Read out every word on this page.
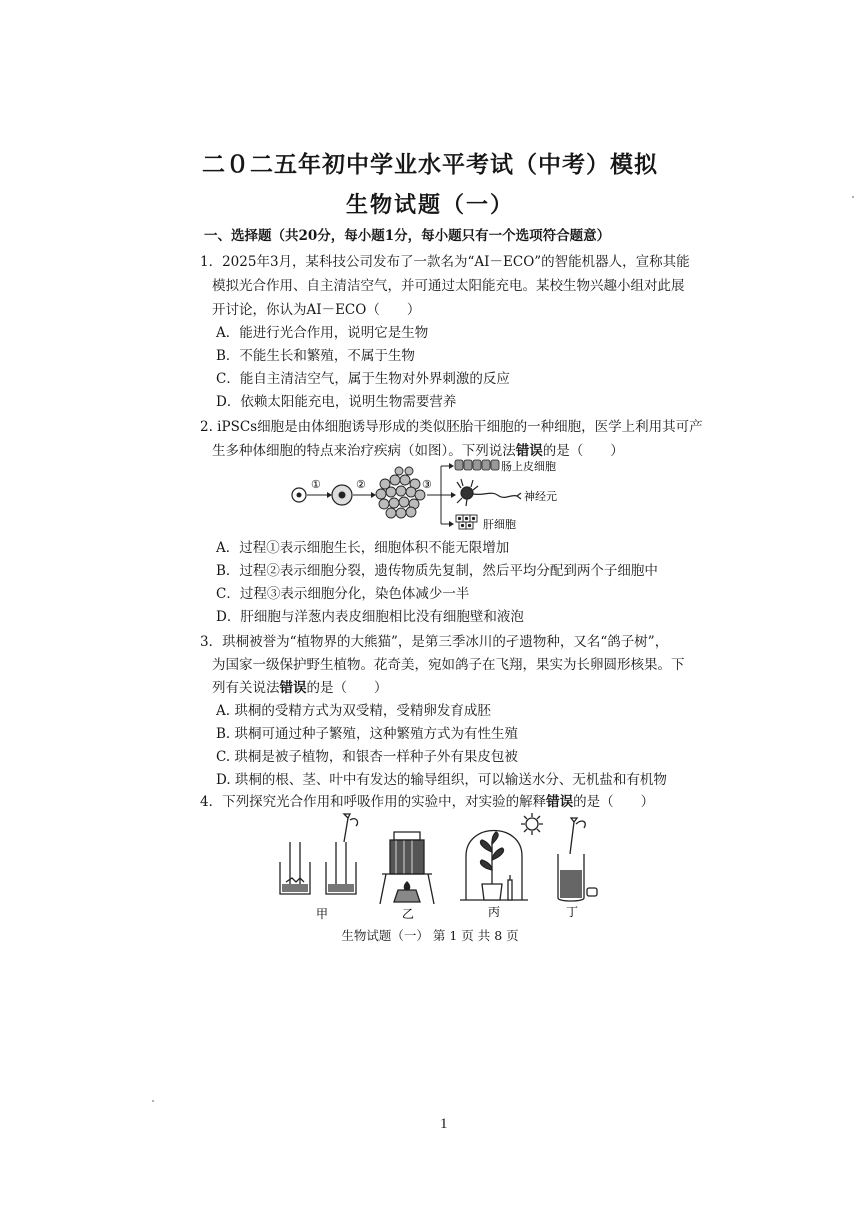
二０二五年初中学业水平考试（中考）模拟
生物试题（一）
一、选择题（共20分，每小题1分，每小题只有一个选项符合题意）
1．2025年3月，某科技公司发布了一款名为“AI－ECO”的智能机器人，宣称其能
模拟光合作用、自主清洁空气，并可通过太阳能充电。某校生物兴趣小组对此展
开讨论，你认为AI－ECO（　　）
A．能进行光合作用，说明它是生物
B．不能生长和繁殖，不属于生物
C．能自主清洁空气，属于生物对外界刺激的反应
D．依赖太阳能充电，说明生物需要营养
2. iPSCs细胞是由体细胞诱导形成的类似胚胎干细胞的一种细胞，医学上利用其可产
生多种体细胞的特点来治疗疾病（如图）。下列说法错误的是（　　）
①	②	③
肠上皮细胞
神经元
肝细胞
A．过程①表示细胞生长，细胞体积不能无限增加
B．过程②表示细胞分裂，遗传物质先复制，然后平均分配到两个子细胞中
C．过程③表示细胞分化，染色体减少一半
D．肝细胞与洋葱内表皮细胞相比没有细胞壁和液泡
3．珙桐被誉为“植物界的大熊猫”，是第三季冰川的孑遗物种，又名“鸽子树”，
为国家一级保护野生植物。花奇美，宛如鸽子在飞翔，果实为长卵圆形核果。下
列有关说法错误的是（　　）
A. 珙桐的受精方式为双受精，受精卵发育成胚
B. 珙桐可通过种子繁殖，这种繁殖方式为有性生殖
C. 珙桐是被子植物，和银杏一样种子外有果皮包被
D. 珙桐的根、茎、叶中有发达的输导组织，可以输送水分、无机盐和有机物
4．下列探究光合作用和呼吸作用的实验中，对实验的解释错误的是（　　）
甲	乙	丙	丁
生物试题（一） 第 1 页 共 8 页
1
